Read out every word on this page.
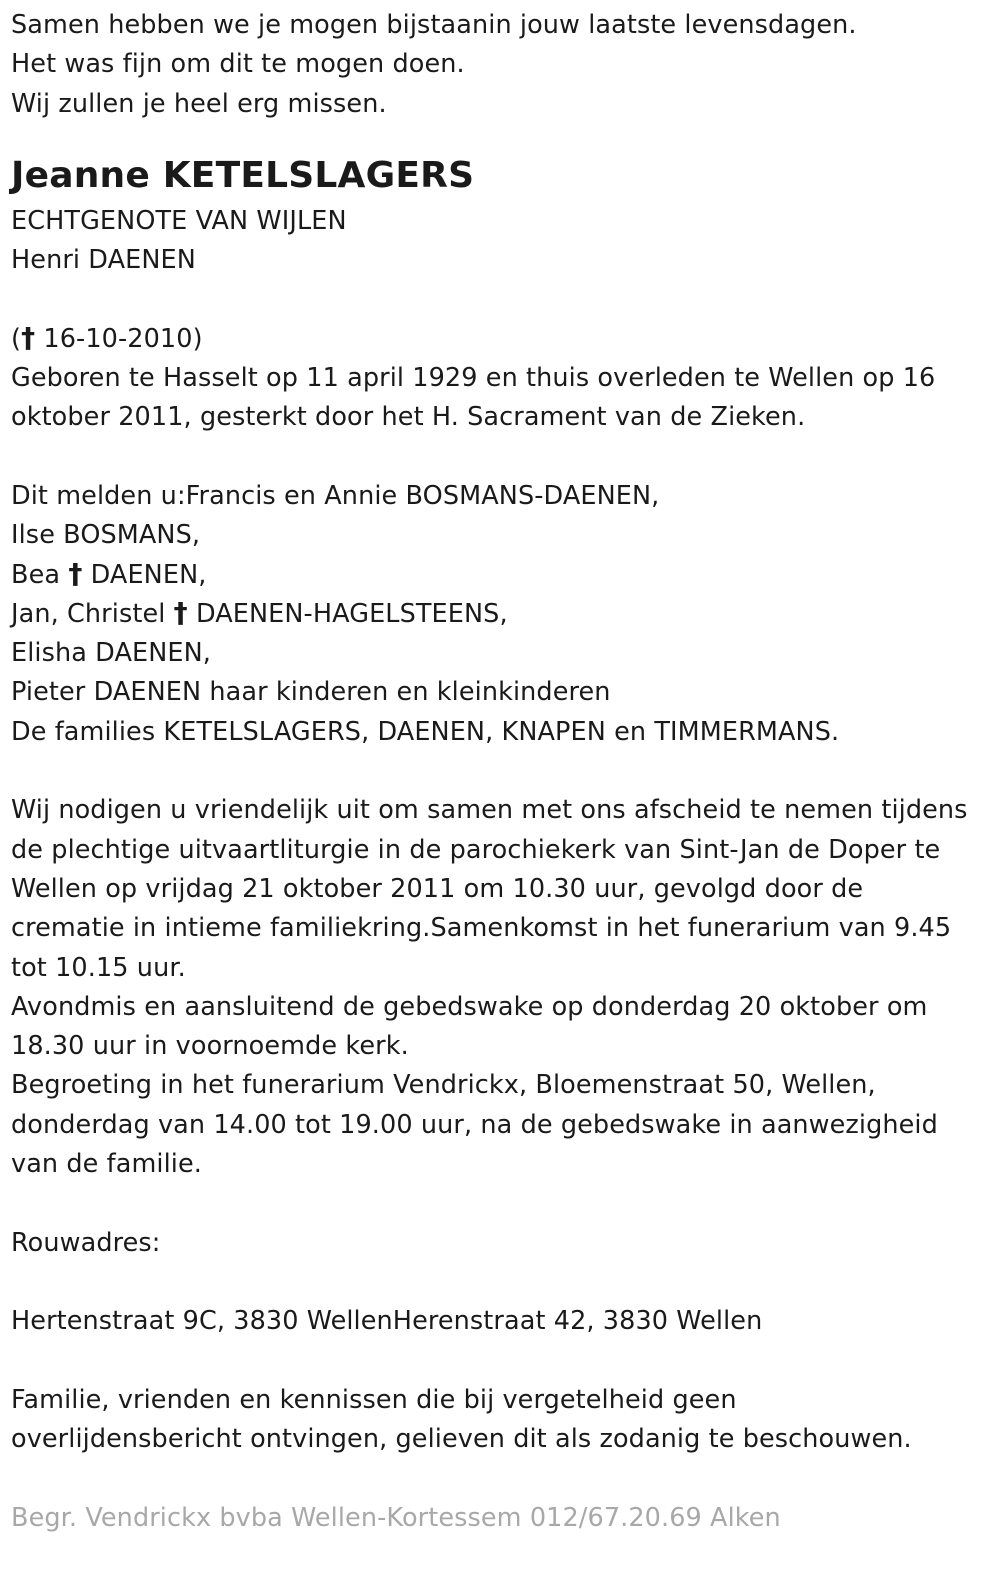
Samen hebben we je mogen bijstaanin jouw laatste levensdagen.
Het was fijn om dit te mogen doen.
Wij zullen je heel erg missen.
Jeanne KETELSLAGERS
ECHTGENOTE VAN WIJLEN
Henri DAENEN
(† 16-10-2010)
Geboren te Hasselt op 11 april 1929 en thuis overleden te Wellen op 16 oktober 2011, gesterkt door het H. Sacrament van de Zieken.
Dit melden u:Francis en Annie BOSMANS-DAENEN,
Ilse BOSMANS,
Bea † DAENEN,
Jan, Christel † DAENEN-HAGELSTEENS,
Elisha DAENEN,
Pieter DAENEN haar kinderen en kleinkinderen
De families KETELSLAGERS, DAENEN, KNAPEN en TIMMERMANS.
Wij nodigen u vriendelijk uit om samen met ons afscheid te nemen tijdens de plechtige uitvaartliturgie in de parochiekerk van Sint-Jan de Doper te Wellen op vrijdag 21 oktober 2011 om 10.30 uur, gevolgd door de crematie in intieme familiekring.Samenkomst in het funerarium van 9.45 tot 10.15 uur.
Avondmis en aansluitend de gebedswake op donderdag 20 oktober om 18.30 uur in voornoemde kerk.
Begroeting in het funerarium Vendrickx, Bloemenstraat 50, Wellen, donderdag van 14.00 tot 19.00 uur, na de gebedswake in aanwezigheid van de familie.
Rouwadres:
Hertenstraat 9C, 3830 WellenHerenstraat 42, 3830 Wellen
Familie, vrienden en kennissen die bij vergetelheid geen overlijdensbericht ontvingen, gelieven dit als zodanig te beschouwen.
Begr. Vendrickx bvba Wellen-Kortessem 012/67.20.69 Alken
